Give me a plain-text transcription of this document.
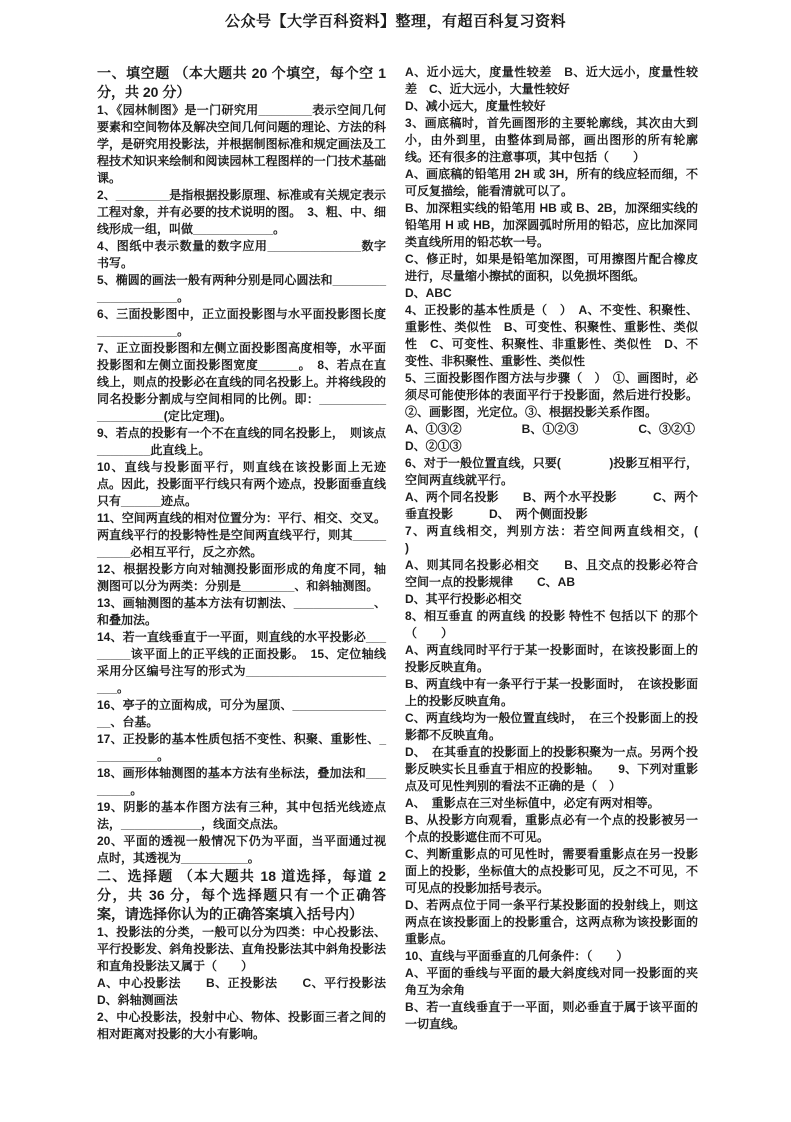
公众号【大学百科资料】整理，有超百科复习资料

一、填空题 （本大题共 20 个填空，每个空 1 分，共 20 分）

1、《园林制图》是一门研究用________表示空间几何要素和空间物体及解决空间几何问题的理论、方法的科学，是研究用投影法，并根据制图标准和规定画法及工程技术知识来绘制和阅读园林工程图样的一门技术基础课。

2、________是指根据投影原理、标准或有关规定表示工程对象，并有必要的技术说明的图。　3、粗、中、细线形成一组，叫做____________。

4、图纸中表示数量的数字应用______________数字书写。

5、椭圆的画法一般有两种分别是同心圆法和____________________。

6、三面投影图中，正立面投影图与水平面投影图长度____________。

7、正立面投影图和左侧立面投影图高度相等，水平面投影图和左侧立面投影图宽度______。　8、若点在直线上，则点的投影必在直线的同名投影上。并将线段的同名投影分割成与空间相同的比例。即：____________________(定比定理)。

9、若点的投影有一个不在直线的同名投影上，　则该点________此直线上。

10、直线与投影面平行，则直线在该投影面上无迹点。因此，投影面平行线只有两个迹点，投影面垂直线只有______迹点。

11、空间两直线的相对位置分为：平行、相交、交叉。两直线平行的投影特性是空间两直线平行，则其__________必相互平行，反之亦然。

12、根据投影方向对轴测投影面形成的角度不同，轴测图可以分为两类：分别是________、和斜轴测图。

13、画轴测图的基本方法有切割法、____________、和叠加法。

14、若一直线垂直于一平面，则直线的水平投影必________该平面上的正平线的正面投影。　15、定位轴线采用分区编号注写的形式为________________________。

16、亭子的立面构成，可分为屋顶、________________、台基。

17、正投影的基本性质包括不变性、积聚、重影性、__________。

18、画形体轴测图的基本方法有坐标法，叠加法和________。

19、阴影的基本作图方法有三种，其中包括光线迹点法，____________，线面交点法。

20、平面的透视一般情况下仍为平面，当平面通过视点时，其透视为__________。

二、选择题 （本大题共 18 道选择，每道 2 分，共 36 分，每个选择题只有一个正确答案，请选择你认为的正确答案填入括号内）

1、投影法的分类，一般可以分为四类：中心投影法、平行投影发、斜角投影法、直角投影法其中斜角投影法和直角投影法又属于（　　）

A、中心投影法　　B、正投影法　　C、平行投影法　　D、斜轴测画法

2、中心投影法，投射中心、物体、投影面三者之间的相对距离对投影的大小有影响。

A、近小远大，度量性较差　B、近大远小，度量性较差　C、近大远小，大量性较好

D、减小远大，度量性较好

3、画底稿时，首先画图形的主要轮廓线，其次由大到小，由外到里，由整体到局部，画出图形的所有轮廓线。还有很多的注意事项，其中包括（　　）

A、画底稿的铅笔用 2H 或 3H，所有的线应轻而细，不可反复描绘，能看清就可以了。

B、加深粗实线的铅笔用 HB 或 B、2B，加深细实线的铅笔用 H 或 HB，加深圆弧时所用的铅芯，应比加深同类直线所用的铅芯软一号。

C、修正时，如果是铅笔加深图，可用擦图片配合橡皮进行，尽量缩小擦拭的面积，以免损坏图纸。

D、ABC

4、正投影的基本性质是（　）　A、不变性、积聚性、重影性、类似性　B、可变性、积聚性、重影性、类似性　C、可变性、积聚性、非重影性、类似性　D、不变性、非积聚性、重影性、类似性

5、三面投影图作图方法与步骤（　）　①、画图时，必须尽可能使形体的表面平行于投影面，然后进行投影。②、画影图，光定位。③、根据投影关系作图。

A、①③②　　　　　B、①②③　　　　　C、③②①

D、②①③

6、对于一般位置直线，只要(　　　　)投影互相平行，空间两直线就平行。

A、两个同名投影　　B、两个水平投影　　　C、两个垂直投影　　　D、　两个侧面投影

7、两直线相交，判别方法：若空间两直线相交，(　　　)

A、则其同名投影必相交　　B、且交点的投影必符合空间一点的投影规律　　C、AB

D、其平行投影必相交

8、相互垂直 的两直线 的投影 特性不 包括以下 的那个（　　）

A、两直线同时平行于某一投影面时，在该投影面上的投影反映直角。

B、两直线中有一条平行于某一投影面时，　在该投影面上的投影反映直角。

C、两直线均为一般位置直线时，　在三个投影面上的投影都不反映直角。

D、　在其垂直的投影面上的投影积聚为一点。另两个投影反映实长且垂直于相应的投影轴。　　9、下列对重影点及可见性判别的看法不正确的是（　）

A、　重影点在三对坐标值中，必定有两对相等。

B、从投影方向观看，重影点必有一个点的投影被另一个点的投影遮住而不可见。

C、判断重影点的可见性时，需要看重影点在另一投影面上的投影，坐标值大的点投影可见，反之不可见，不可见点的投影加括号表示。

D、若两点位于同一条平行某投影面的投射线上，则这两点在该投影面上的投影重合，这两点称为该投影面的重影点。

10、直线与平面垂直的几何条件：（　　）

A、平面的垂线与平面的最大斜度线对同一投影面的夹角互为余角

B、若一直线垂直于一平面，则必垂直于属于该平面的一切直线。
